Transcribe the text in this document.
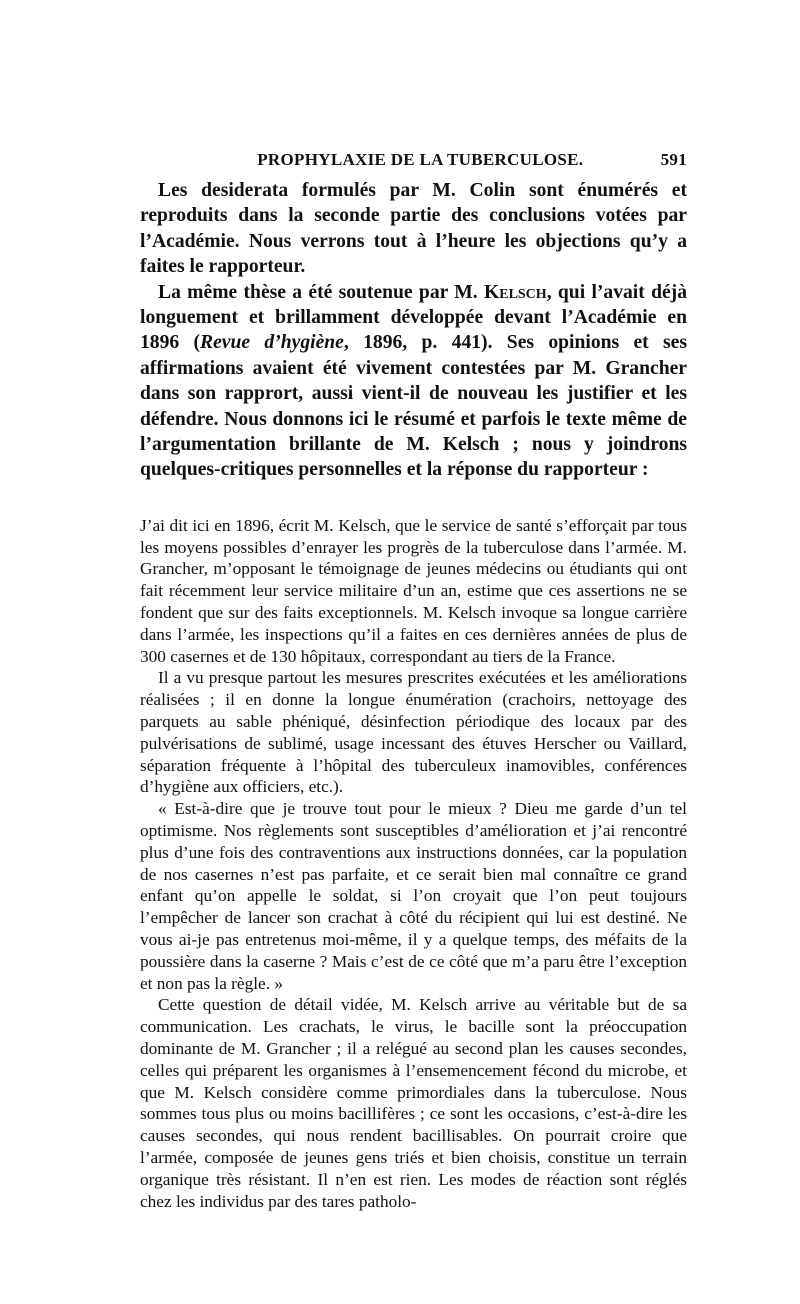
PROPHYLAXIE DE LA TUBERCULOSE.	591

Les desiderata formulés par M. Colin sont énumérés et reproduits dans la seconde partie des conclusions votées par l’Académie. Nous verrons tout à l’heure les objections qu’y a faites le rapporteur.

La même thèse a été soutenue par M. Kelsch, qui l’avait déjà longuement et brillamment développée devant l’Académie en 1896 (Revue d’hygiène, 1896, p. 441). Ses opinions et ses affirmations avaient été vivement contestées par M. Grancher dans son rapprort, aussi vient-il de nouveau les justifier et les défendre. Nous donnons ici le résumé et parfois le texte même de l’argumentation brillante de M. Kelsch ; nous y joindrons quelques-critiques personnelles et la réponse du rapporteur :

J’ai dit ici en 1896, écrit M. Kelsch, que le service de santé s’efforçait par tous les moyens possibles d’enrayer les progrès de la tuberculose dans l’armée. M. Grancher, m’opposant le témoignage de jeunes médecins ou étudiants qui ont fait récemment leur service militaire d’un an, estime que ces assertions ne se fondent que sur des faits exceptionnels. M. Kelsch invoque sa longue carrière dans l’armée, les inspections qu’il a faites en ces dernières années de plus de 300 casernes et de 130 hôpitaux, correspondant au tiers de la France.

Il a vu presque partout les mesures prescrites exécutées et les améliorations réalisées ; il en donne la longue énumération (crachoirs, nettoyage des parquets au sable phéniqué, désinfection périodique des locaux par des pulvérisations de sublimé, usage incessant des étuves Herscher ou Vaillard, séparation fréquente à l’hôpital des tuberculeux inamovibles, conférences d’hygiène aux officiers, etc.).

« Est-à-dire que je trouve tout pour le mieux ? Dieu me garde d’un tel optimisme. Nos règlements sont susceptibles d’amélioration et j’ai rencontré plus d’une fois des contraventions aux instructions données, car la population de nos casernes n’est pas parfaite, et ce serait bien mal connaître ce grand enfant qu’on appelle le soldat, si l’on croyait que l’on peut toujours l’empêcher de lancer son crachat à côté du récipient qui lui est destiné. Ne vous ai-je pas entretenus moi-même, il y a quelque temps, des méfaits de la poussière dans la caserne ? Mais c’est de ce côté que m’a paru être l’exception et non pas la règle. »

Cette question de détail vidée, M. Kelsch arrive au véritable but de sa communication. Les crachats, le virus, le bacille sont la préoccupation dominante de M. Grancher ; il a relégué au second plan les causes secondes, celles qui préparent les organismes à l’ensemencement fécond du microbe, et que M. Kelsch considère comme primordiales dans la tuberculose. Nous sommes tous plus ou moins bacillifères ; ce sont les occasions, c’est-à-dire les causes secondes, qui nous rendent bacillisables. On pourrait croire que l’armée, composée de jeunes gens triés et bien choisis, constitue un terrain organique très résistant. Il n’en est rien. Les modes de réaction sont réglés chez les individus par des tares patholo-
